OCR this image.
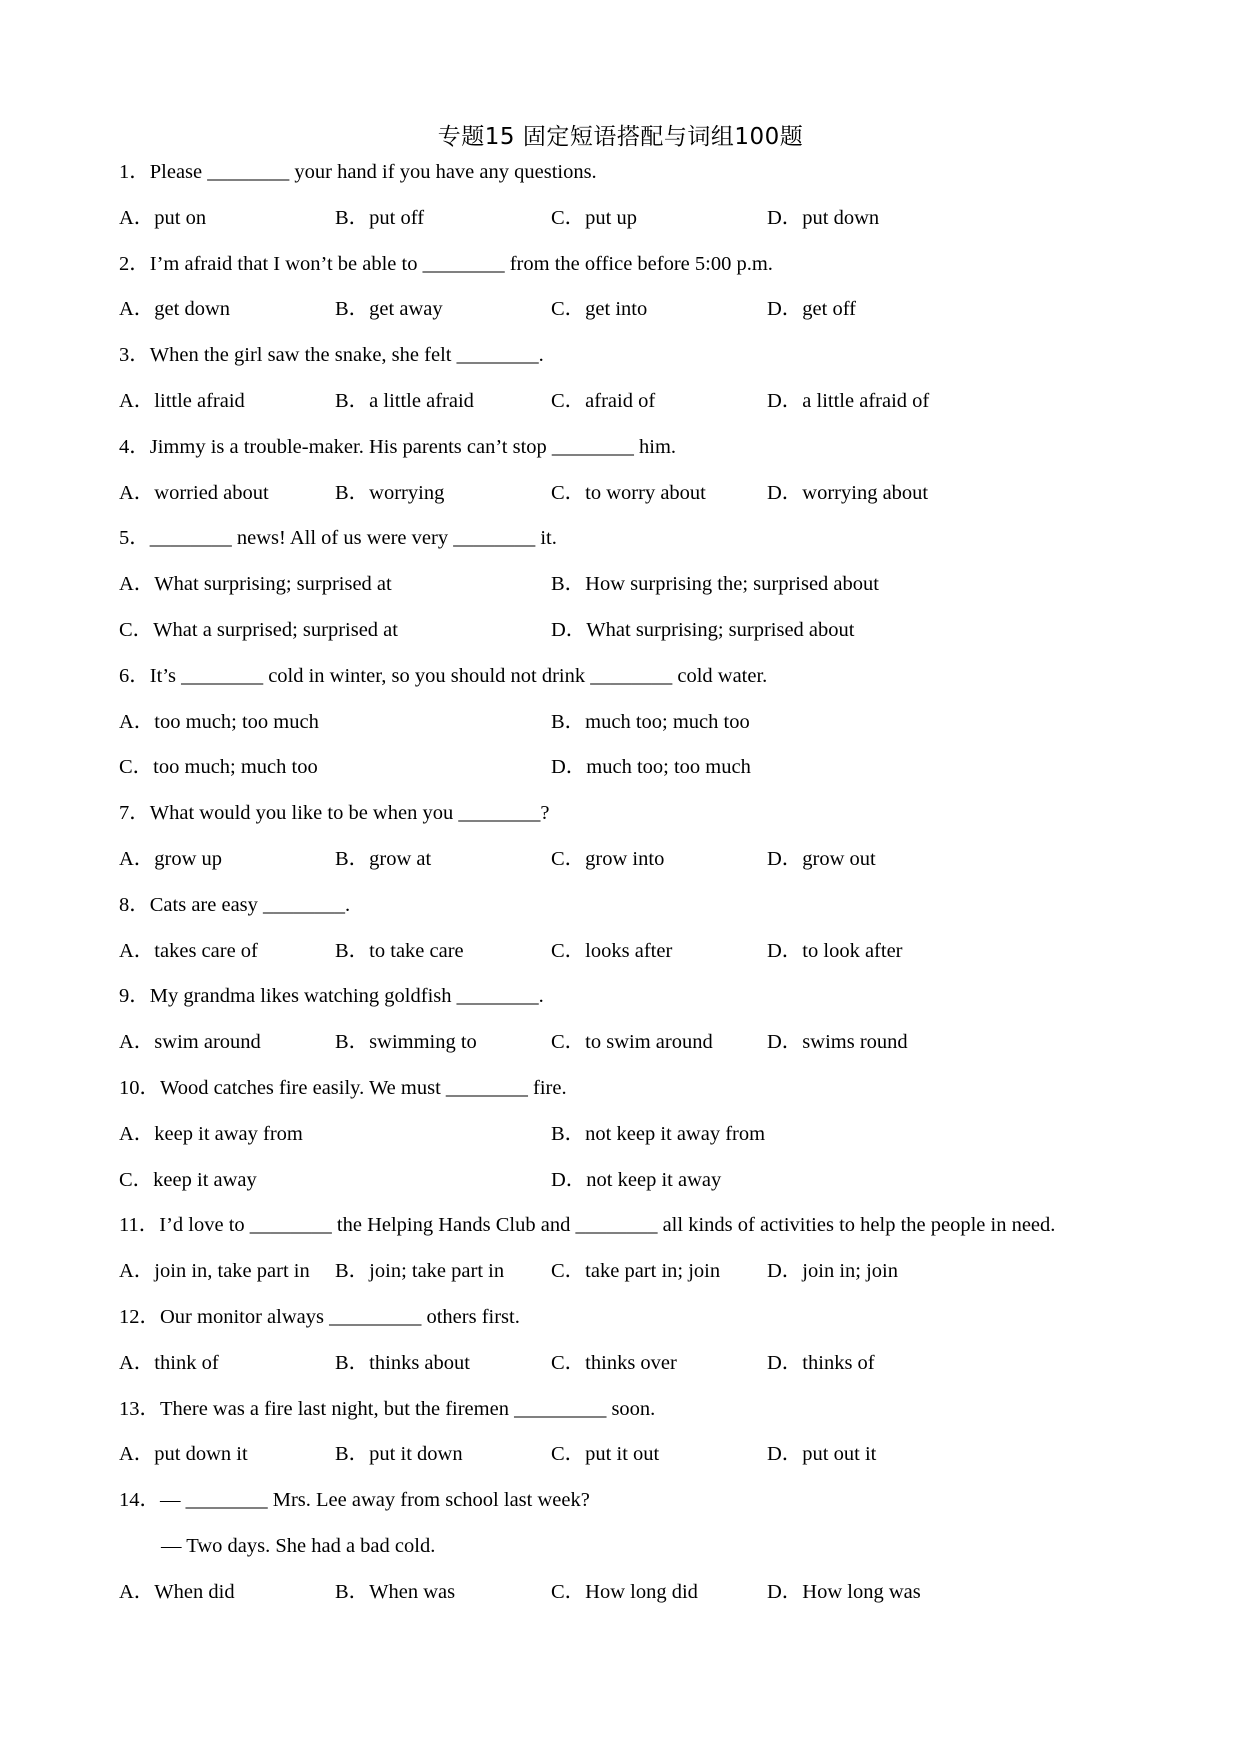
专题15 固定短语搭配与词组100题
1．Please ________ your hand if you have any questions.
A．put on	B．put off	C．put up	D．put down
2．I’m afraid that I won’t be able to ________ from the office before 5:00 p.m.
A．get down	B．get away	C．get into	D．get off
3．When the girl saw the snake, she felt ________.
A．little afraid	B．a little afraid	C．afraid of	D．a little afraid of
4．Jimmy is a trouble-maker. His parents can’t stop ________ him.
A．worried about	B．worrying	C．to worry about	D．worrying about
5．________ news! All of us were very ________ it.
A．What surprising; surprised at	B．How surprising the; surprised about
C．What a surprised; surprised at	D．What surprising; surprised about
6．It’s ________ cold in winter, so you should not drink ________ cold water.
A．too much; too much	B．much too; much too
C．too much; much too	D．much too; too much
7．What would you like to be when you ________?
A．grow up	B．grow at	C．grow into	D．grow out
8．Cats are easy ________.
A．takes care of	B．to take care	C．looks after	D．to look after
9．My grandma likes watching goldfish ________.
A．swim around	B．swimming to	C．to swim around	D．swims round
10．Wood catches fire easily. We must ________ fire.
A．keep it away from	B．not keep it away from
C．keep it away	D．not keep it away
11．I’d love to ________ the Helping Hands Club and ________ all kinds of activities to help the people in need.
A．join in, take part in B．join; take part in C．take part in; join D．join in; join
12．Our monitor always _________ others first.
A．think of	B．thinks about	C．thinks over	D．thinks of
13．There was a fire last night, but the firemen _________ soon.
A．put down it	B．put it down	C．put it out	D．put out it
14．— ________ Mrs. Lee away from school last week?
— Two days. She had a bad cold.
A．When did	B．When was	C．How long did	D．How long was
